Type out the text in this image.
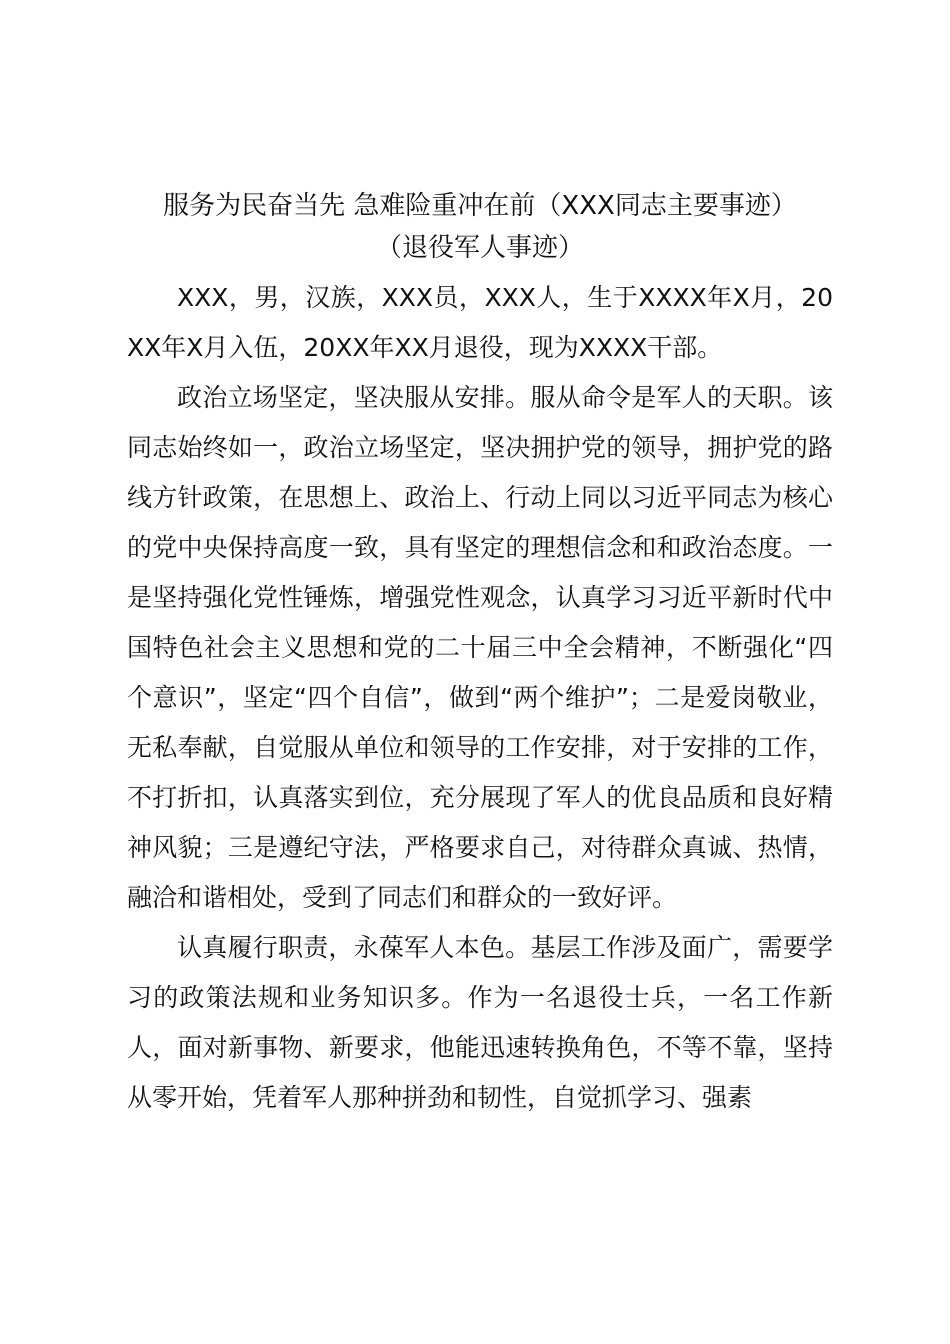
服务为民奋当先 急难险重冲在前（XXX同志主要事迹）
（退役军人事迹）

XXX，男，汉族，XXX员，XXX人，生于XXXX年X月，20XX年X月入伍，20XX年XX月退役，现为XXXX干部。

政治立场坚定，坚决服从安排。服从命令是军人的天职。该同志始终如一，政治立场坚定，坚决拥护党的领导，拥护党的路线方针政策，在思想上、政治上、行动上同以习近平同志为核心的党中央保持高度一致，具有坚定的理想信念和和政治态度。一是坚持强化党性锤炼，增强党性观念，认真学习习近平新时代中国特色社会主义思想和党的二十届三中全会精神，不断强化“四个意识”，坚定“四个自信”，做到“两个维护”；二是爱岗敬业，无私奉献，自觉服从单位和领导的工作安排，对于安排的工作，不打折扣，认真落实到位，充分展现了军人的优良品质和良好精神风貌；三是遵纪守法，严格要求自己，对待群众真诚、热情，融洽和谐相处，受到了同志们和群众的一致好评。

认真履行职责，永葆军人本色。基层工作涉及面广，需要学习的政策法规和业务知识多。作为一名退役士兵，一名工作新人，面对新事物、新要求，他能迅速转换角色，不等不靠，坚持从零开始，凭着军人那种拼劲和韧性，自觉抓学习、强素
